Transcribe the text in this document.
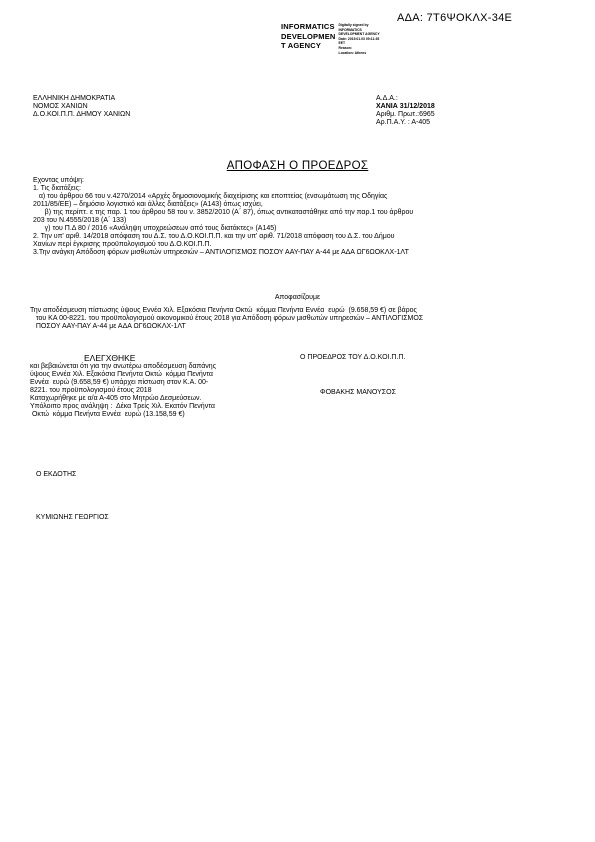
ΑΔΑ: 7Τ6ΨΟΚΛΧ-34Ε
INFORMATICS
DEVELOPMEN
T AGENCY
Digitally signed by
INFORMATICS
DEVELOPMENT AGENCY
Date: 2019.01.03 09:11:35
EET
Reason:
Location: Athens
ΕΛΛΗΝΙΚΗ ΔΗΜΟΚΡΑΤΙΑ
ΝΟΜΟΣ ΧΑΝΙΩΝ
Δ.Ο.ΚΟΙ.Π.Π. ΔΗΜΟΥ ΧΑΝΙΩΝ
Α.Δ.Α.:
ΧΑΝΙΑ 31/12/2018
Αριθμ. Πρωτ.:6965
Αρ.Π.Α.Υ. : Α-405
ΑΠΟΦΑΣΗ Ο ΠΡΟΕΔΡΟΣ
Εχοντας υπόψη:
1. Τις διατάξεις:
α) του άρθρου 66 του ν.4270/2014 «Αρχές δημοσιονομικής διαχείρισης και εποπτείας (ενσωμάτωση της Οδηγίας
2011/85/ΕΕ) – δημόσιο λογιστικό και άλλες διατάξεις» (Α143) όπως ισχύει,
β) της περίπτ. ε της παρ. 1 του άρθρου 58 του ν. 3852/2010 (Α΄ 87), όπως αντικαταστάθηκε από την παρ.1 του άρθρου
203 του Ν.4555/2018 (Α΄ 133)
γ) του Π.Δ 80 / 2016 «Ανάληψη υποχρεώσεων από τους διατάκτες» (Α145)
2. Την υπ' αριθ. 14/2018 απόφαση του Δ.Σ. του Δ.Ο.ΚΟΙ.Π.Π. και την υπ' αριθ. 71/2018 απόφαση του Δ.Σ. του Δήμου
Χανίων περί έγκρισης προϋπολογισμού του Δ.Ο.ΚΟΙ.Π.Π.
3.Την ανάγκη Απόδοση φόρων μισθωτών υπηρεσιών – ΑΝΤΙΛΟΓΙΣΜΟΣ ΠΟΣΟΥ ΑΑΥ-ΠΑΥ Α-44 με ΑΔΑ ΩΓ6ΩΟΚΛΧ-1ΛΤ
Αποφασίζουμε
Την αποδέσμευση πίστωσης ύψους Εννέα Χιλ. Εξακόσια Πενήντα Οκτώ  κόμμα Πενήντα Εννέα  ευρώ  (9.658,59 €) σε βάρος
του ΚΑ 00-8221. του προϋπολογισμού οικονομικού έτους 2018 για Απόδοση φόρων μισθωτών υπηρεσιών – ΑΝΤΙΛΟΓΙΣΜΟΣ
ΠΟΣΟΥ ΑΑΥ-ΠΑΥ Α-44 με ΑΔΑ ΩΓ6ΩΟΚΛΧ-1ΛΤ
ΕΛΕΓΧΘΗΚΕ
και βεβαιώνεται ότι για την ανωτέρω αποδέσμευση δαπάνης
ύψους Εννέα Χιλ. Εξακόσια Πενήντα Οκτώ  κόμμα Πενήντα
Εννέα  ευρώ (9.658,59 €) υπάρχει πίστωση στον Κ.Α. 00-
8221. του προϋπολογισμού έτους 2018
Καταχωρήθηκε με α/α Α-405 στο Μητρώο Δεσμεύσεων.
Υπόλοιπο προς ανάληψη :  Δέκα Τρείς Χιλ. Εκατόν Πενήντα
Οκτώ  κόμμα Πενήντα Εννέα  ευρώ (13.158,59 €)
Ο ΠΡΟΕΔΡΟΣ ΤΟΥ Δ.Ο.ΚΟΙ.Π.Π.
ΦΟΒΑΚΗΣ ΜΑΝΟΥΣΟΣ
Ο ΕΚΔΟΤΗΣ
ΚΥΜΙΩΝΗΣ ΓΕΩΡΓΙΟΣ
